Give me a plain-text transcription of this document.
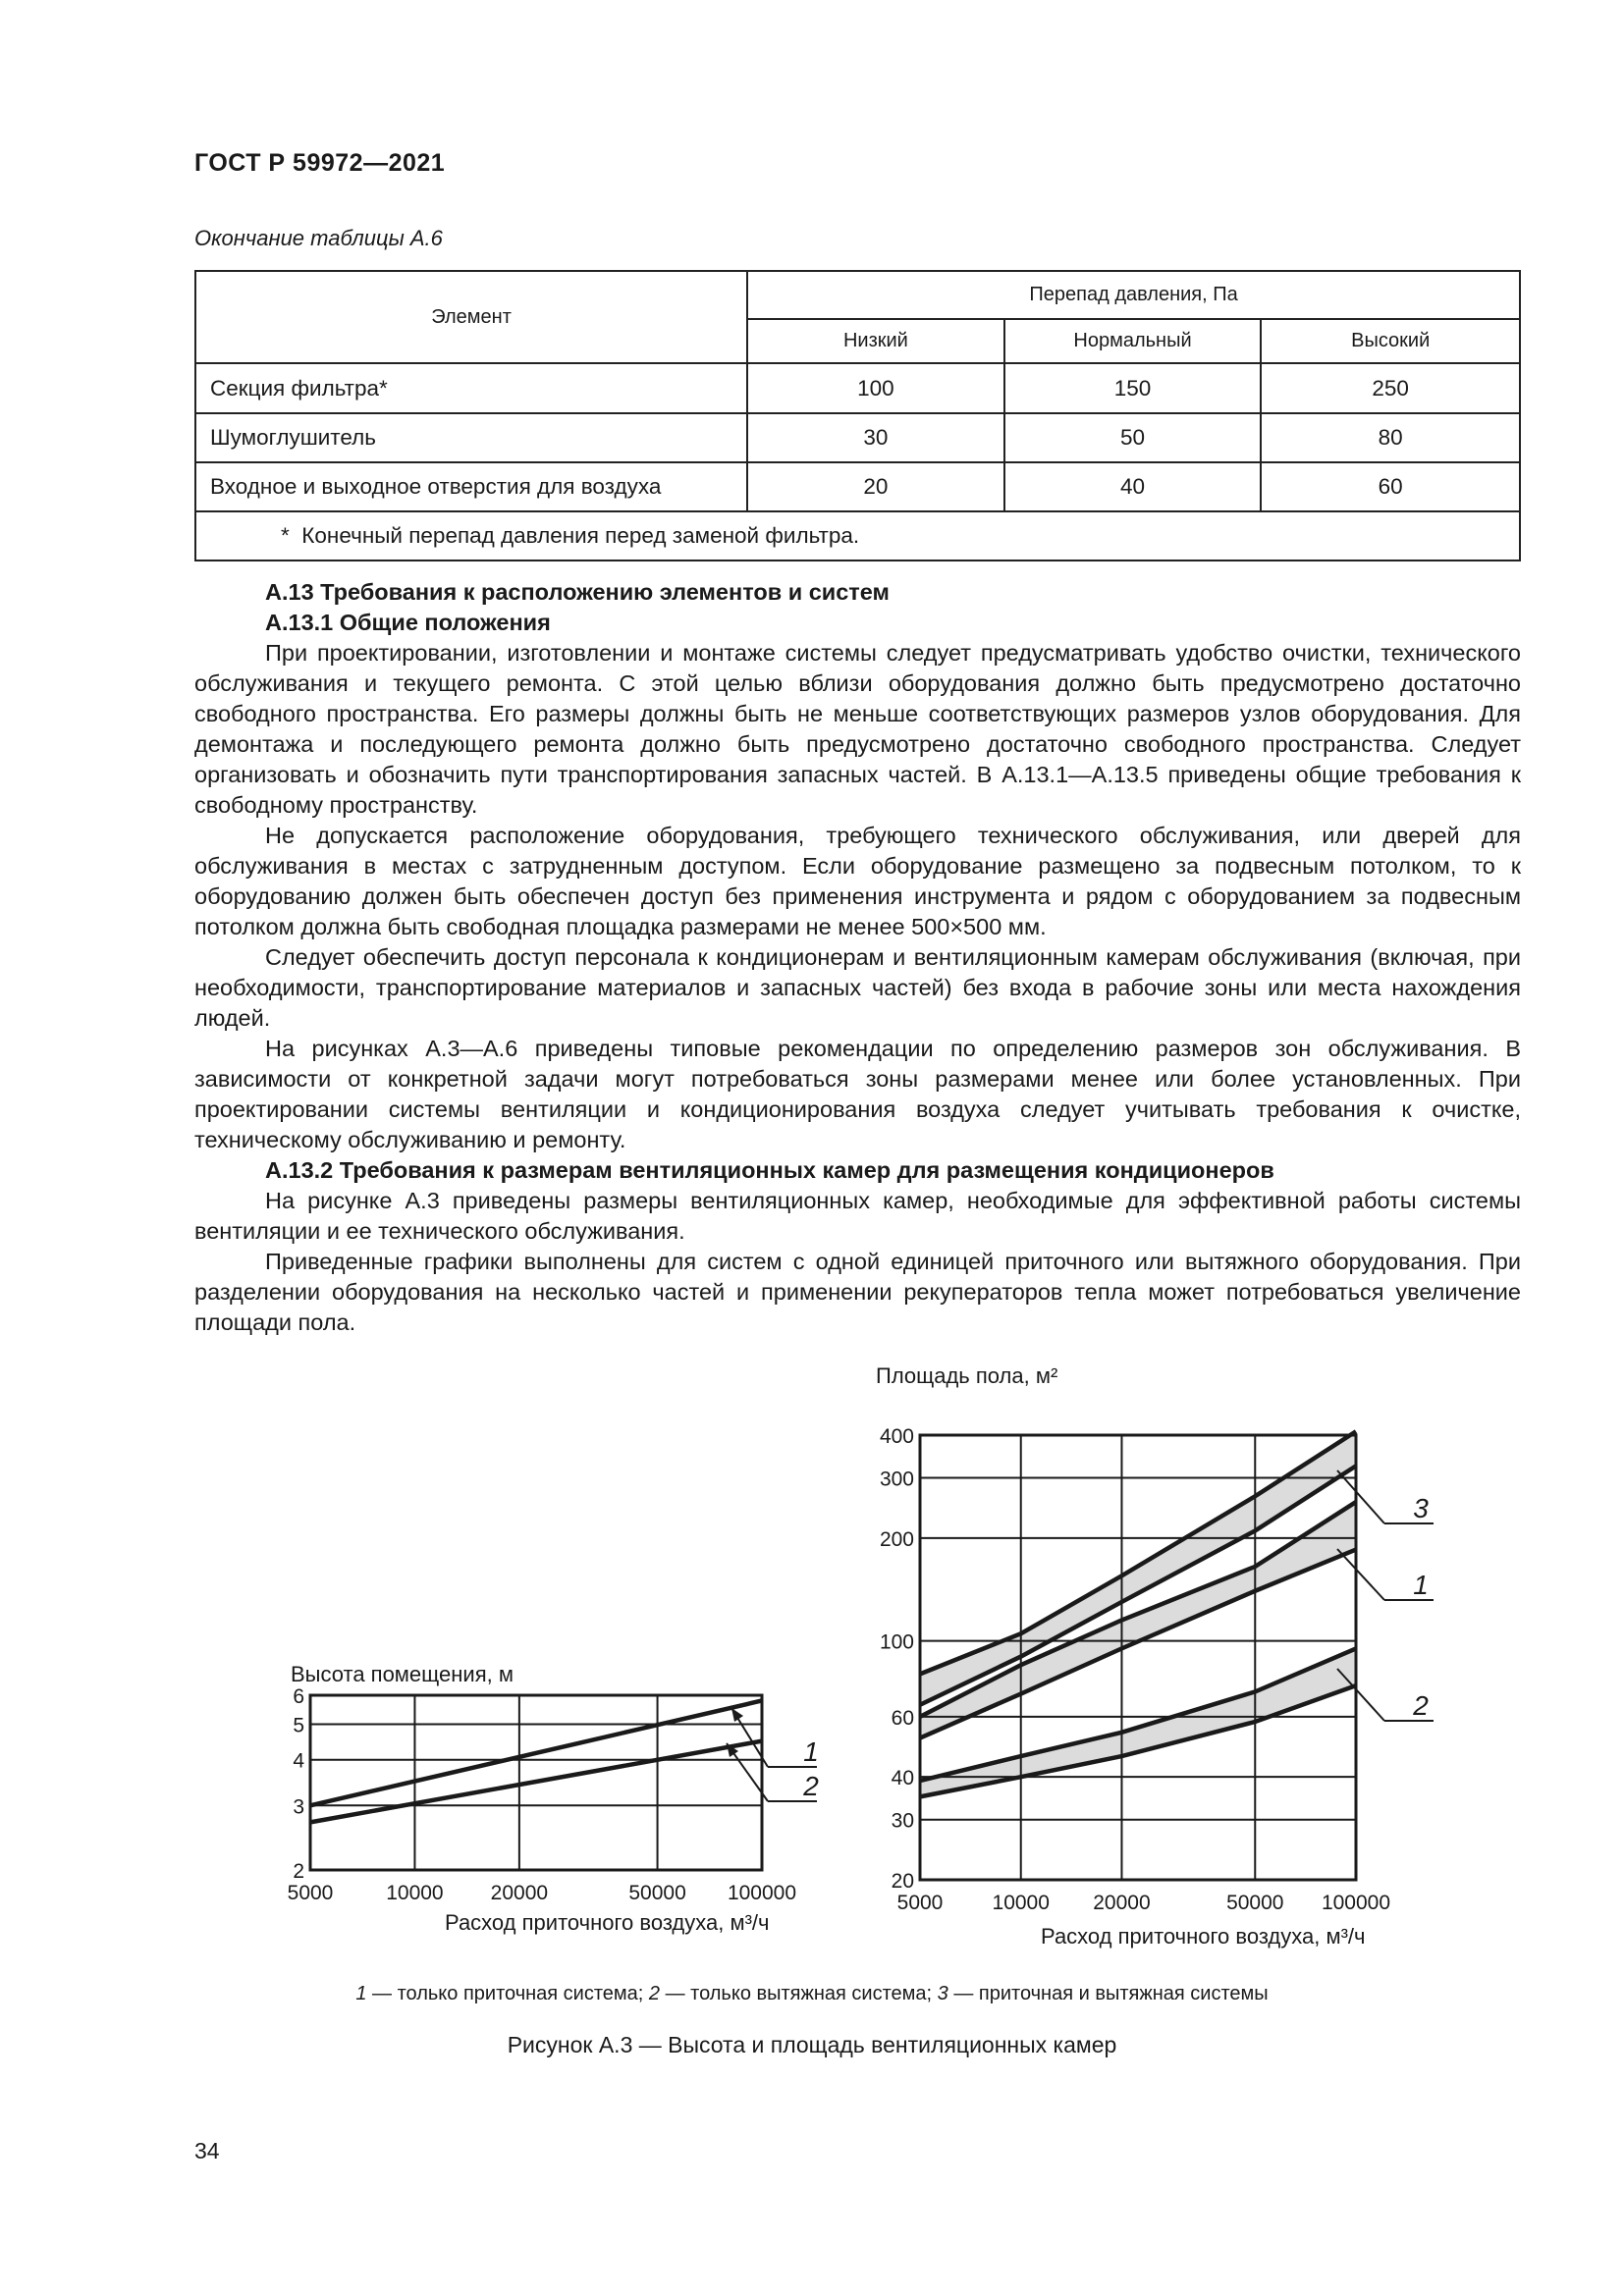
ГОСТ Р 59972—2021
Окончание таблицы А.6
Элемент	Перепад давления, Па		
	Низкий	Нормальный	Высокий
Секция фильтра*	100	150	250
Шумоглушитель	30	50	80
Входное и выходное отверстия для воздуха	20	40	60
* Конечный перепад давления перед заменой фильтра.			
А.13 Требования к расположению элементов и систем
А.13.1 Общие положения

При проектировании, изготовлении и монтаже системы следует предусматривать удобство очистки, технического обслуживания и текущего ремонта. С этой целью вблизи оборудования должно быть предусмотрено достаточно свободного пространства. Его размеры должны быть не меньше соответствующих размеров узлов оборудования. Для демонтажа и последующего ремонта должно быть предусмотрено достаточно свободного пространства. Следует организовать и обозначить пути транспортирования запасных частей. В А.13.1—А.13.5 приведены общие требования к свободному пространству.

Не допускается расположение оборудования, требующего технического обслуживания, или дверей для обслуживания в местах с затрудненным доступом. Если оборудование размещено за подвесным потолком, то к оборудованию должен быть обеспечен доступ без применения инструмента и рядом с оборудованием за подвесным потолком должна быть свободная площадка размерами не менее 500×500 мм.

Следует обеспечить доступ персонала к кондиционерам и вентиляционным камерам обслуживания (включая, при необходимости, транспортирование материалов и запасных частей) без входа в рабочие зоны или места нахождения людей.

На рисунках А.3—А.6 приведены типовые рекомендации по определению размеров зон обслуживания. В зависимости от конкретной задачи могут потребоваться зоны размерами менее или более установленных. При проектировании системы вентиляции и кондиционирования воздуха следует учитывать требования к очистке, техническому обслуживанию и ремонту.

А.13.2 Требования к размерам вентиляционных камер для размещения кондиционеров

На рисунке А.3 приведены размеры вентиляционных камер, необходимые для эффективной работы системы вентиляции и ее технического обслуживания.

Приведенные графики выполнены для систем с одной единицей приточного или вытяжного оборудования. При разделении оборудования на несколько частей и применении рекуператоров тепла может потребоваться увеличение площади пола.

Высота помещения, м
Расход приточного воздуха, м³/ч
Площадь пола, м²
Расход приточного воздуха, м³/ч
5000	10000 20000	50000 100000
2
3
4
5
6
1
2
5000 10000 20000	50000 100000
20
30
40
60
100
200
300
400
3
1
2
1 — только приточная система; 2 — только вытяжная система; 3 — приточная и вытяжная системы
Рисунок А.3 — Высота и площадь вентиляционных камер
34
